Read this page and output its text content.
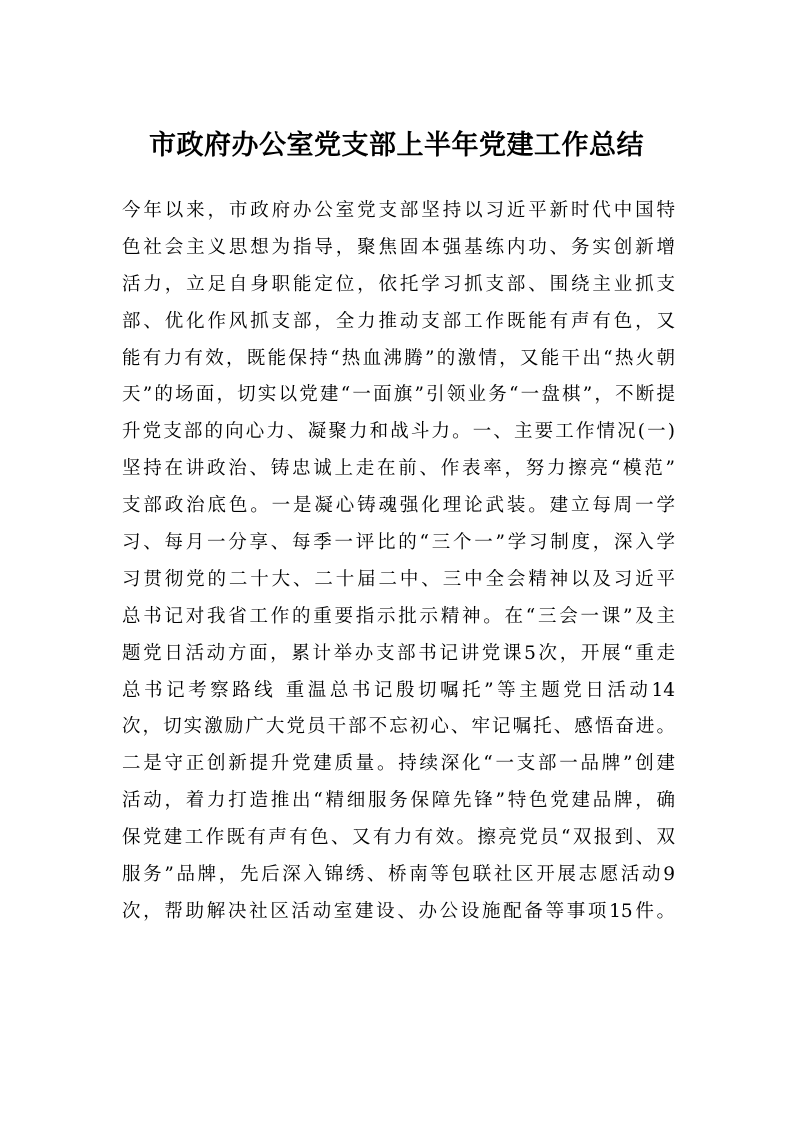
市政府办公室党支部上半年党建工作总结
今年以来，市政府办公室党支部坚持以习近平新时代中国特
色社会主义思想为指导，聚焦固本强基练内功、务实创新增
活力，立足自身职能定位，依托学习抓支部、围绕主业抓支
部、优化作风抓支部，全力推动支部工作既能有声有色，又
能有力有效，既能保持“热血沸腾”的激情，又能干出“热火朝
天”的场面，切实以党建“一面旗”引领业务“一盘棋”，不断提
升党支部的向心力、凝聚力和战斗力。一、主要工作情况(一)
坚持在讲政治、铸忠诚上走在前、作表率，努力擦亮“模范”
支部政治底色。一是凝心铸魂强化理论武装。建立每周一学
习、每月一分享、每季一评比的“三个一”学习制度，深入学
习贯彻党的二十大、二十届二中、三中全会精神以及习近平
总书记对我省工作的重要指示批示精神。在“三会一课”及主
题党日活动方面，累计举办支部书记讲党课5次，开展“重走
总书记考察路线 重温总书记殷切嘱托”等主题党日活动14
次，切实激励广大党员干部不忘初心、牢记嘱托、感悟奋进。
二是守正创新提升党建质量。持续深化“一支部一品牌”创建
活动，着力打造推出“精细服务保障先锋”特色党建品牌，确
保党建工作既有声有色、又有力有效。擦亮党员“双报到、双
服务”品牌，先后深入锦绣、桥南等包联社区开展志愿活动9
次，帮助解决社区活动室建设、办公设施配备等事项15件。
